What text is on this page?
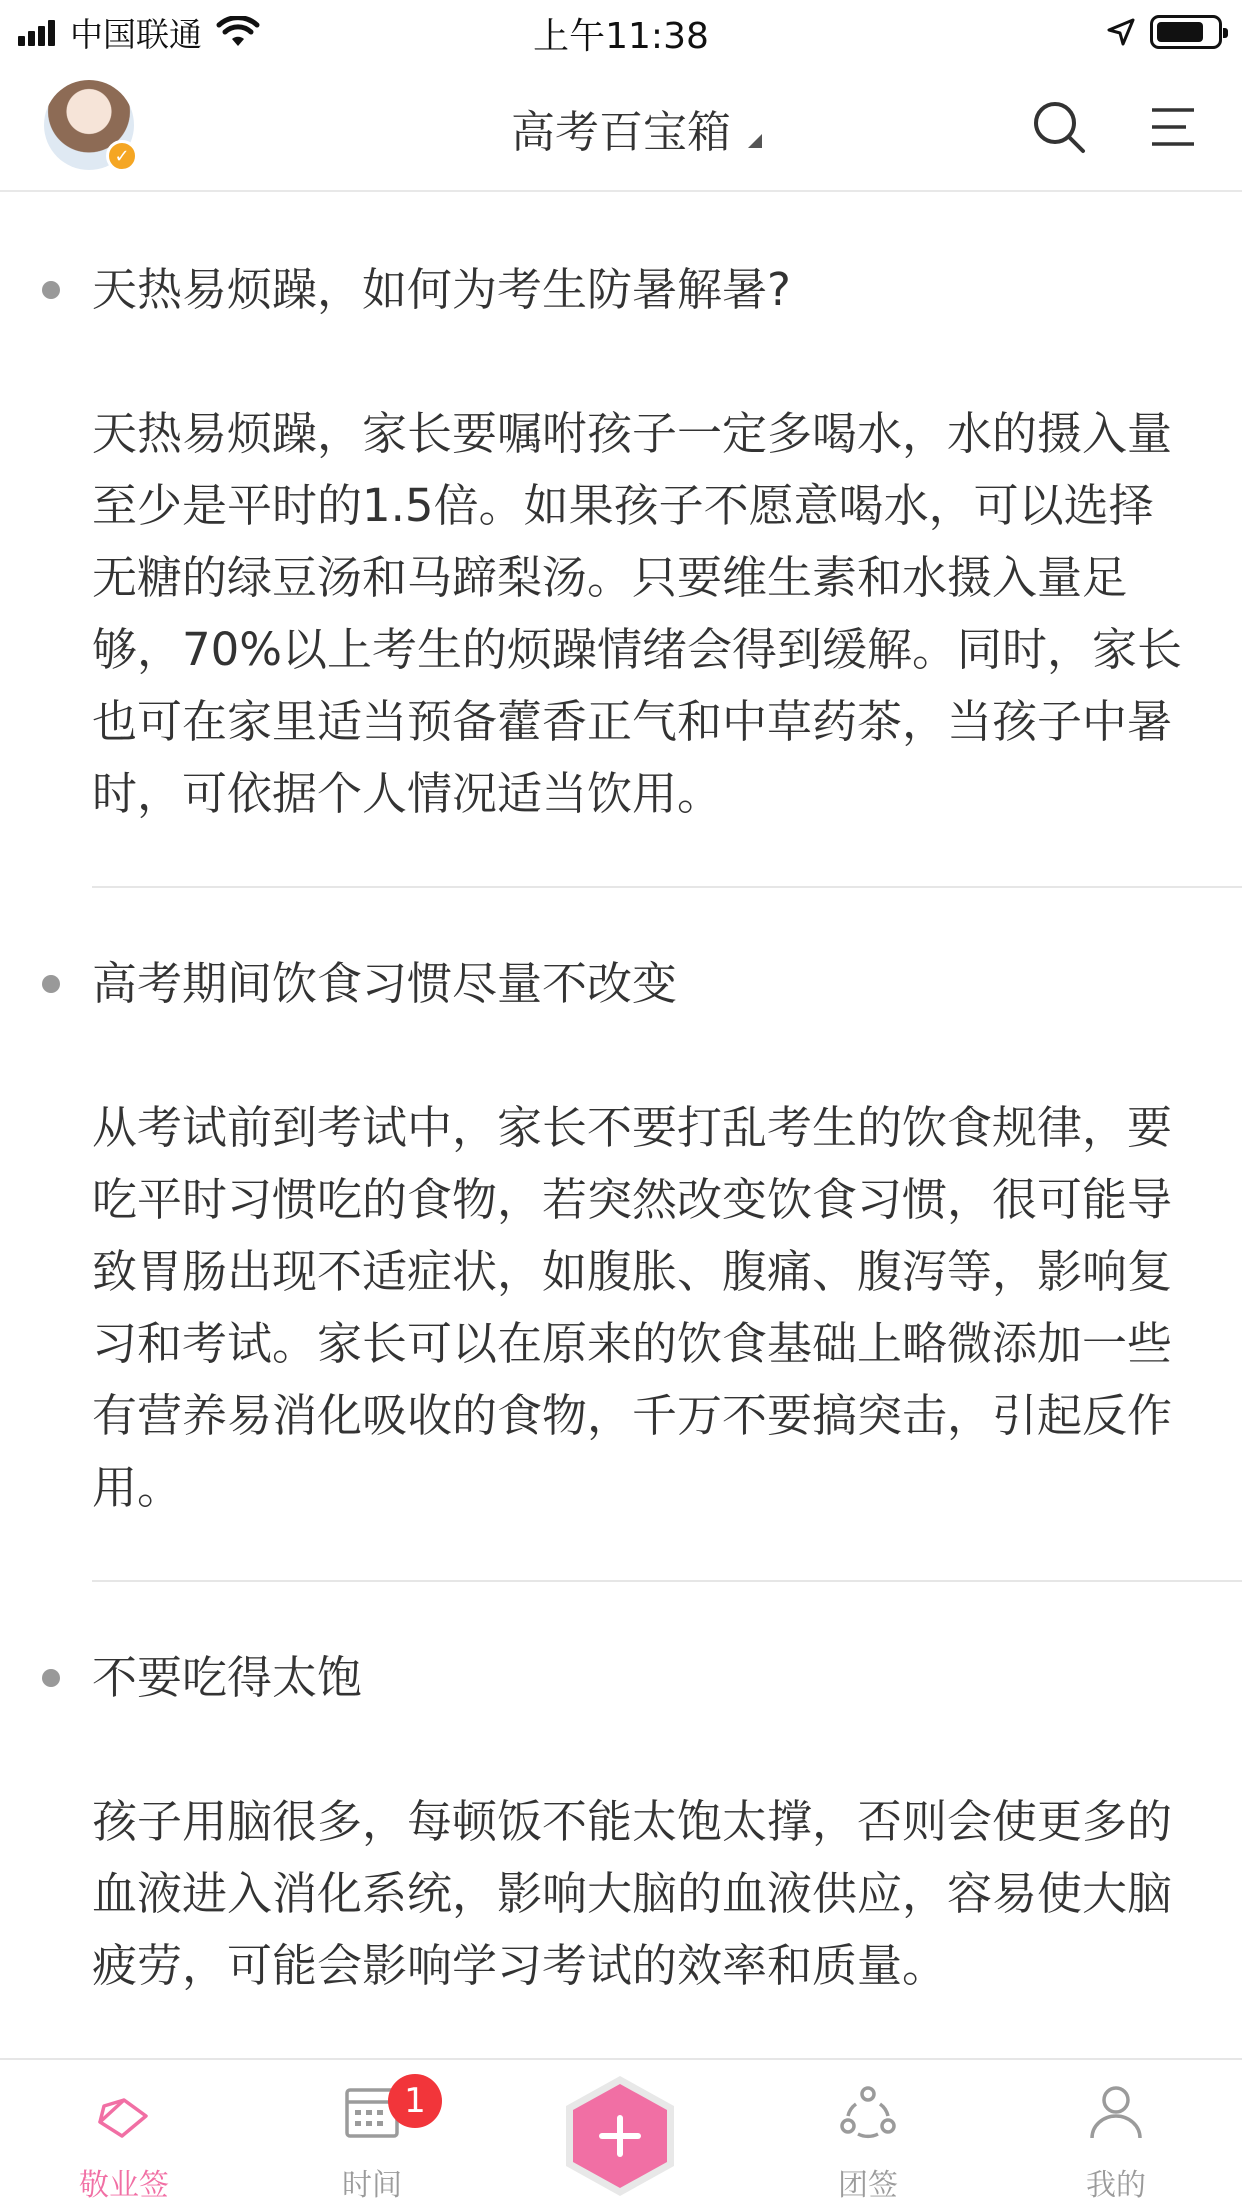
中国联通	上午11:38
✓	高考百宝箱
天热易烦躁，如何为考生防暑解暑?
天热易烦躁，家长要嘱咐孩子一定多喝水，水的摄入量至少是平时的1.5倍。如果孩子不愿意喝水，可以选择无糖的绿豆汤和马蹄梨汤。只要维生素和水摄入量足够，70%以上考生的烦躁情绪会得到缓解。同时，家长也可在家里适当预备藿香正气和中草药茶，当孩子中暑时，可依据个人情况适当饮用。
高考期间饮食习惯尽量不改变
从考试前到考试中，家长不要打乱考生的饮食规律，要吃平时习惯吃的食物，若突然改变饮食习惯，很可能导致胃肠出现不适症状，如腹胀、腹痛、腹泻等，影响复习和考试。家长可以在原来的饮食基础上略微添加一些有营养易消化吸收的食物，千万不要搞突击，引起反作用。
不要吃得太饱
孩子用脑很多，每顿饭不能太饱太撑，否则会使更多的血液进入消化系统，影响大脑的血液供应，容易使大脑疲劳，可能会影响学习考试的效率和质量。
敬业签
1
时间	团签	我的
